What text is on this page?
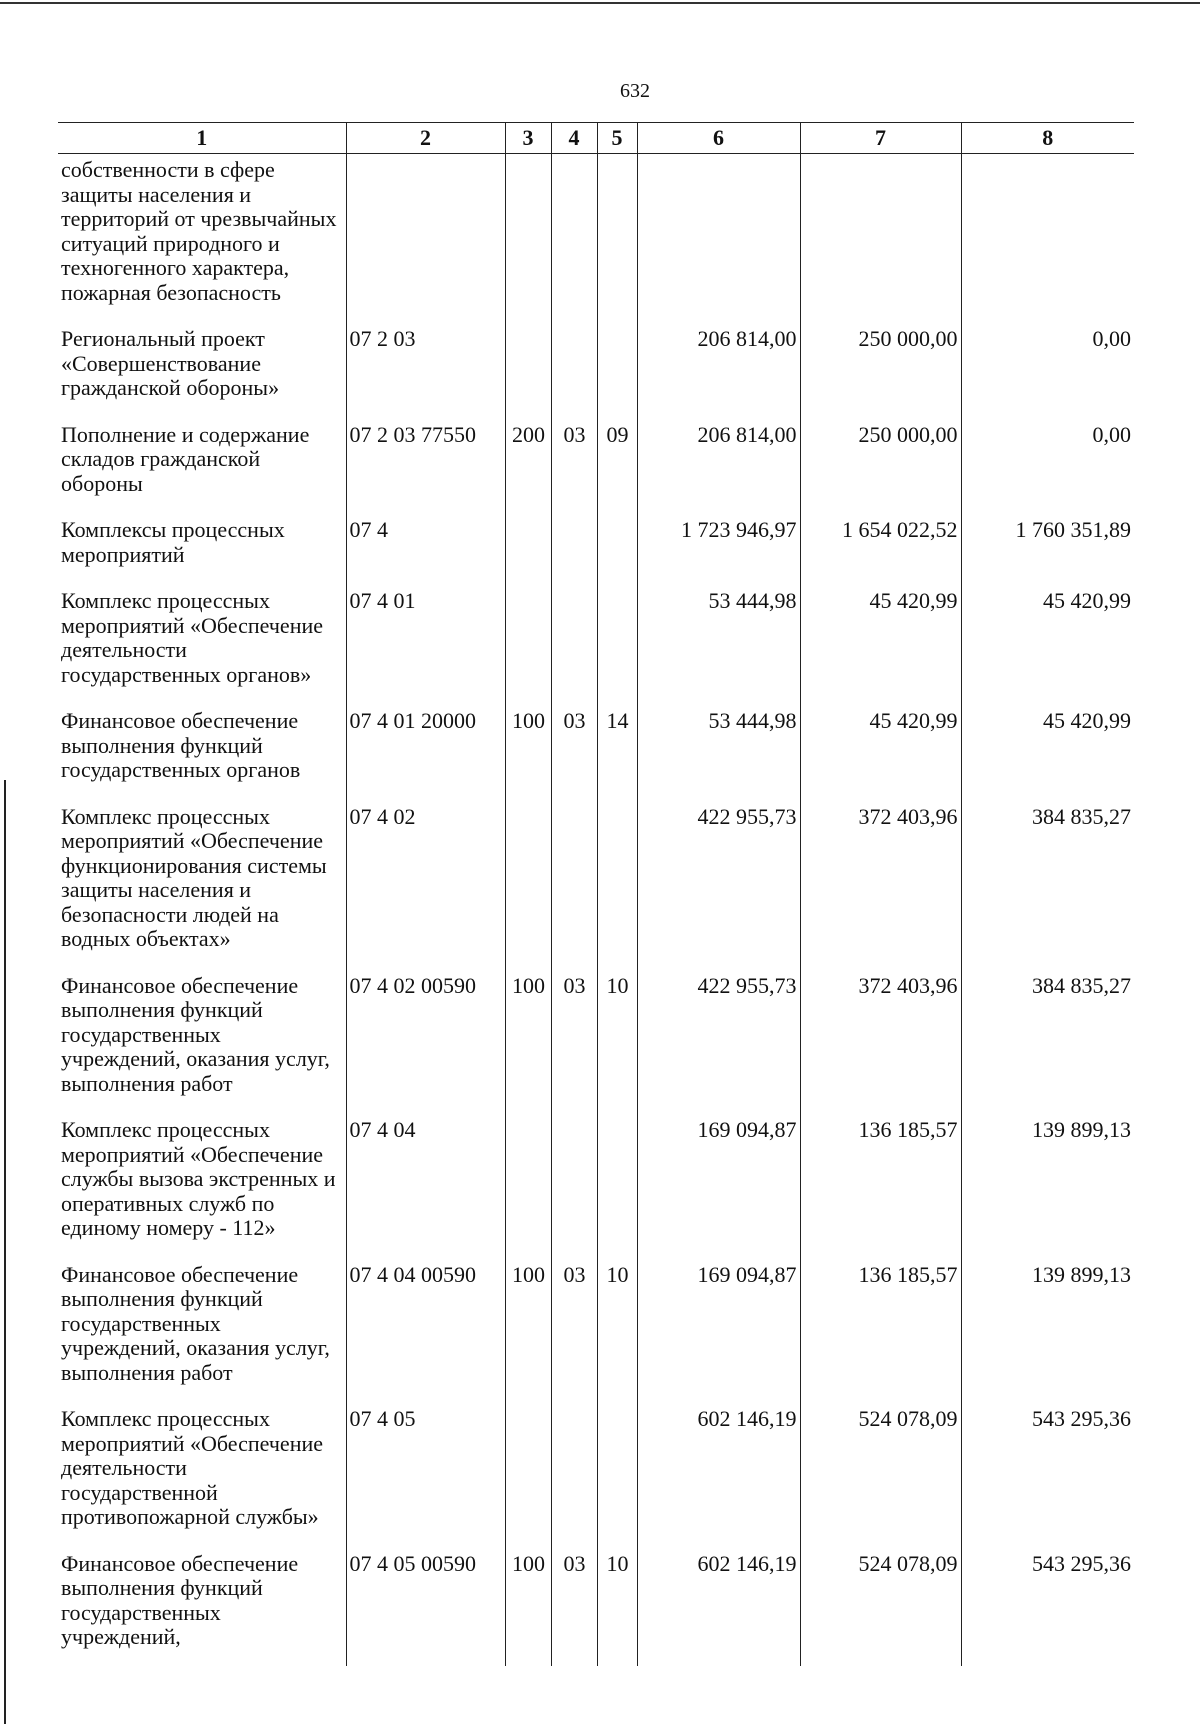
632
1	2	3	4	5	6	7	8
собственности в сфере защиты населения и территорий от чрезвычайных ситуаций природного и техногенного характера, пожарная безопасность							
Региональный проект «Совершенствование гражданской обороны»	07 2 03				206 814,00	250 000,00	0,00
Пополнение и содержание складов гражданской обороны	07 2 03 77550	200	03	09	206 814,00	250 000,00	0,00
Комплексы процессных мероприятий	07 4				1 723 946,97	1 654 022,52	1 760 351,89
Комплекс процессных мероприятий «Обеспечение деятельности государственных органов»	07 4 01				53 444,98	45 420,99	45 420,99
Финансовое обеспечение выполнения функций государственных органов	07 4 01 20000	100	03	14	53 444,98	45 420,99	45 420,99
Комплекс процессных мероприятий «Обеспечение функционирования системы защиты населения и безопасности людей на водных объектах»	07 4 02				422 955,73	372 403,96	384 835,27
Финансовое обеспечение выполнения функций государственных учреждений, оказания услуг, выполнения работ	07 4 02 00590	100	03	10	422 955,73	372 403,96	384 835,27
Комплекс процессных мероприятий «Обеспечение службы вызова экстренных и оперативных служб по единому номеру - 112»	07 4 04				169 094,87	136 185,57	139 899,13
Финансовое обеспечение выполнения функций государственных учреждений, оказания услуг, выполнения работ	07 4 04 00590	100	03	10	169 094,87	136 185,57	139 899,13
Комплекс процессных мероприятий «Обеспечение деятельности государственной противопожарной службы»	07 4 05				602 146,19	524 078,09	543 295,36
Финансовое обеспечение выполнения функций государственных учреждений,	07 4 05 00590	100	03	10	602 146,19	524 078,09	543 295,36
